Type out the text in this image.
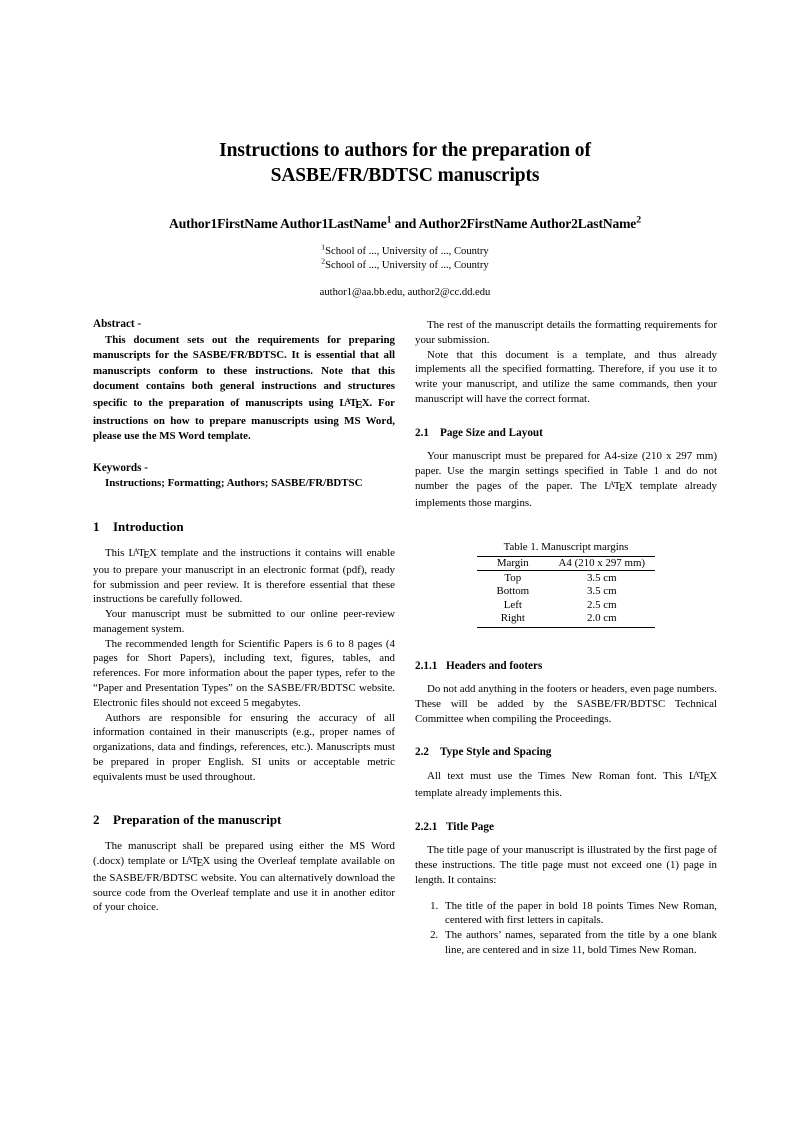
Instructions to authors for the preparation of
SASBE/FR/BDTSC manuscripts
Author1FirstName Author1LastName$^1$ and Author2FirstName Author2LastName$^2$
$^1$School of ..., University of ..., Country
$^2$School of ..., University of ..., Country
author1@aa.bb.edu, author2@cc.dd.edu
Abstract -

This document sets out the requirements for preparing manuscripts for the SASBE/FR/BDTSC. It is essential that all manuscripts conform to these instructions. Note that this document contains both general instructions and structures specific to the preparation of manuscripts using LATEX. For instructions on how to prepare manuscripts using MS Word, please use the MS Word template.

Keywords -

Instructions; Formatting; Authors; SASBE/FR/BDTSC

1 Introduction

This LATEX template and the instructions it contains will enable you to prepare your manuscript in an electronic format (pdf), ready for submission and peer review. It is therefore essential that these instructions be carefully followed.

Your manuscript must be submitted to our online peer-review management system.

The recommended length for Scientific Papers is 6 to 8 pages (4 pages for Short Papers), including text, figures, tables, and references. For more information about the paper types, refer to the “Paper and Presentation Types” on the SASBE/FR/BDTSC website. Electronic files should not exceed 5 megabytes.

Authors are responsible for ensuring the accuracy of all information contained in their manuscripts (e.g., proper names of organizations, data and findings, references, etc.). Manuscripts must be prepared in proper English. SI units or acceptable metric equivalents must be used throughout.

2 Preparation of the manuscript

The manuscript shall be prepared using either the MS Word (.docx) template or LATEX using the Overleaf template available on the SASBE/FR/BDTSC website. You can alternatively download the source code from the Overleaf template and use it in another editor of your choice.

The rest of the manuscript details the formatting requirements for your submission.

Note that this document is a template, and thus already implements all the specified formatting. Therefore, if you use it to write your manuscript, and utilize the same commands, then your manuscript will have the correct format.

2.1 Page Size and Layout

Your manuscript must be prepared for A4-size (210 x 297 mm) paper. Use the margin settings specified in Table 1 and do not number the pages of the paper. The LATEX template already implements those margins.

Table 1. Manuscript margins
Margin	A4 (210 x 297 mm)
Top	3.5 cm
Bottom	3.5 cm
Left	2.5 cm
Right	2.0 cm
2.1.1 Headers and footers

Do not add anything in the footers or headers, even page numbers. These will be added by the SASBE/FR/BDTSC Technical Committee when compiling the Proceedings.

2.2 Type Style and Spacing

All text must use the Times New Roman font. This LATEX template already implements this.

2.2.1 Title Page

The title page of your manuscript is illustrated by the first page of these instructions. The title page must not exceed one (1) page in length. It contains:

1. The title of the paper in bold 18 points Times New Roman, centered with first letters in capitals.
2. The authors’ names, separated from the title by a one blank line, are centered and in size 11, bold Times New Roman.
